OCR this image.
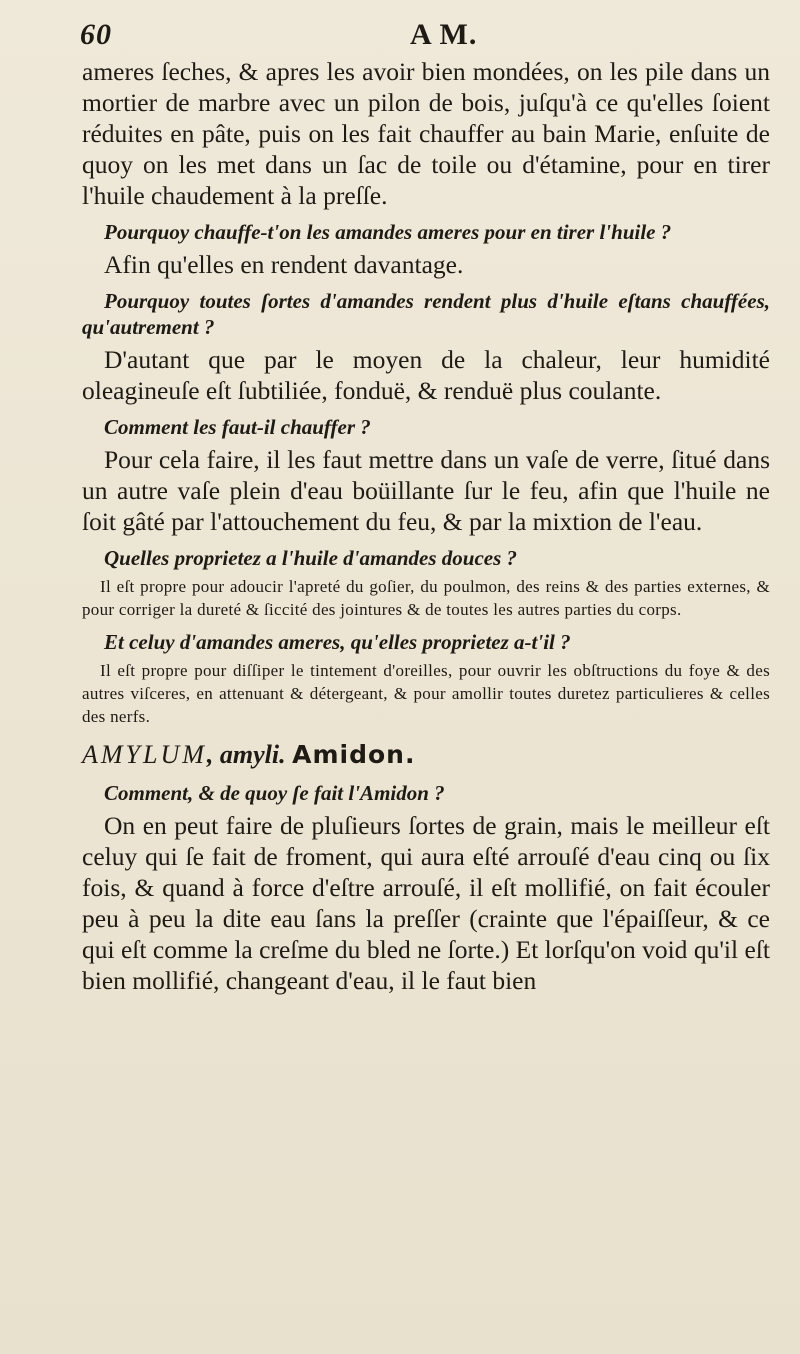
60	A M.

ameres ſeches, & apres les avoir bien mondées, on les pile dans un mortier de marbre avec un pilon de bois, juſqu'à ce qu'elles ſoient réduites en pâte, puis on les fait chauffer au bain Marie, enſuite de quoy on les met dans un ſac de toile ou d'étamine, pour en tirer l'huile chaudement à la preſſe.

Pourquoy chauffe-t'on les amandes ameres pour en tirer l'huile ?

Afin qu'elles en rendent davantage.

Pourquoy toutes ſortes d'amandes rendent plus d'huile eſtans chauffées, qu'autrement ?

D'autant que par le moyen de la chaleur, leur humidité oleagineuſe eſt ſubtiliée, fonduë, & renduë plus coulante.

Comment les faut-il chauffer ?

Pour cela faire, il les faut mettre dans un vaſe de verre, ſitué dans un autre vaſe plein d'eau boüillante ſur le feu, afin que l'huile ne ſoit gâté par l'attouchement du feu, & par la mixtion de l'eau.

Quelles proprietez a l'huile d'amandes douces ?

Il eſt propre pour adoucir l'apreté du goſier, du poulmon, des reins & des parties externes, & pour corriger la dureté & ſiccité des jointures & de toutes les autres parties du corps.

Et celuy d'amandes ameres, qu'elles proprietez a-t'il ?

Il eſt propre pour diſſiper le tintement d'oreilles, pour ouvrir les obſtructions du foye & des autres viſceres, en attenuant & détergeant, & pour amollir toutes duretez particulieres & celles des nerfs.

AMYLUM, amyli. Amidon.

Comment, & de quoy ſe fait l'Amidon ?

On en peut faire de pluſieurs ſortes de grain, mais le meilleur eſt celuy qui ſe fait de froment, qui aura eſté arrouſé d'eau cinq ou ſix fois, & quand à force d'eſtre arrouſé, il eſt mollifié, on fait écouler peu à peu la dite eau ſans la preſſer (crainte que l'épaiſſeur, & ce qui eſt comme la creſme du bled ne ſorte.) Et lorſqu'on void qu'il eſt bien mollifié, changeant d'eau, il le faut bien
